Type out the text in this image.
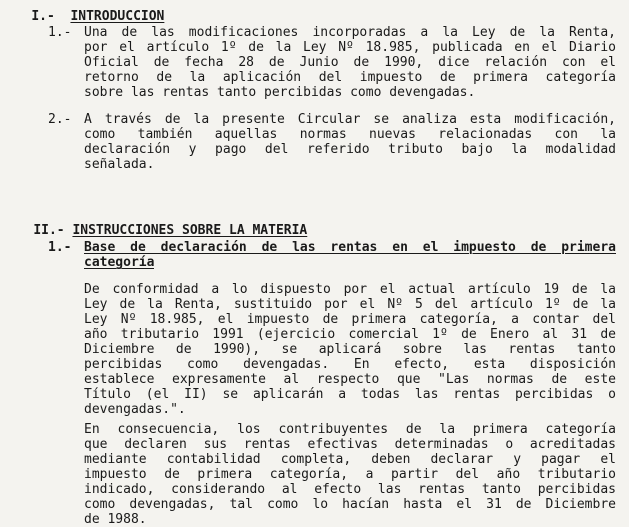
I.- INTRODUCCION

1.- Una de las modificaciones incorporadas a la Ley de la Renta,
por el artículo 1º de la Ley Nº 18.985, publicada en el Diario
Oficial de fecha 28 de Junio de 1990, dice relación con el
retorno de la aplicación del impuesto de primera categoría
sobre las rentas tanto percibidas como devengadas.
2.- A través de la presente Circular se analiza esta modificación,
como también aquellas normas nuevas relacionadas con la
declaración y pago del referido tributo bajo la modalidad
señalada.

II.- INSTRUCCIONES SOBRE LA MATERIA

1.- Base de declaración de las rentas en el impuesto de primera
categoría
De conformidad a lo dispuesto por el actual artículo 19 de la
Ley de la Renta, sustituido por el Nº 5 del artículo 1º de la
Ley Nº 18.985, el impuesto de primera categoría, a contar del
año tributario 1991 (ejercicio comercial 1º de Enero al 31 de
Diciembre de 1990), se aplicará sobre las rentas tanto
percibidas como devengadas. En efecto, esta disposición
establece expresamente al respecto que "Las normas de este
Título (el II) se aplicarán a todas las rentas percibidas o
devengadas.".
En consecuencia, los contribuyentes de la primera categoría
que declaren sus rentas efectivas determinadas o acreditadas
mediante contabilidad completa, deben declarar y pagar el
impuesto de primera categoría, a partir del año tributario
indicado, considerando al efecto las rentas tanto percibidas
como devengadas, tal como lo hacían hasta el 31 de Diciembre
de 1988.
